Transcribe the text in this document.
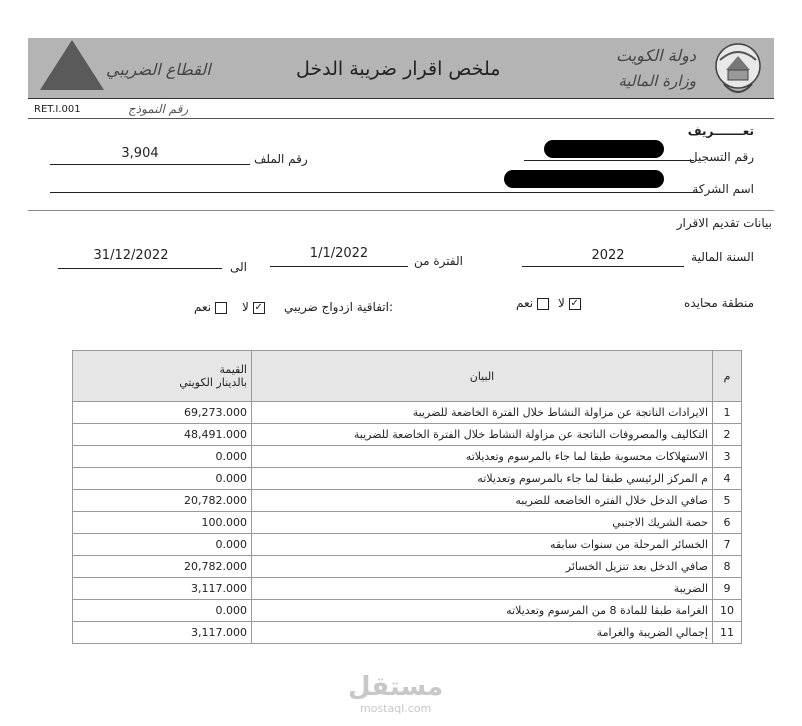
القطاع الضريبي	ملخص اقرار ضريبة الدخل
دولة الكويت
وزارة المالية
RET.I.001	رقم النموذج
تعـــــــريف
رقم التسجيل
رقم الملف
3,904
اسم الشركة
بيانات تقديم الاقرار
السنة المالية
2022
الفترة من
1/1/2022
الى
31/12/2022
منطقة محايده
لا ✓
نعم
اتفاقية ازدواج ضريبي:
لا ✓
نعم
القيمة
بالدينار الكويتي	البيان	م
69,273.000	الايرادات الناتجة عن مزاولة النشاط خلال الفترة الخاضعة للضريبة	1
48,491.000	التكاليف والمصروفات الناتجة عن مزاولة النشاط خلال الفترة الخاضعة للضريبة	2
0.000	الاستهلاكات محسوبة طبقا لما جاء بالمرسوم وتعديلاته	3
0.000	م المركز الرئيسي طبقا لما جاء بالمرسوم وتعديلاته	4
20,782.000	صافي الدخل خلال الفتره الخاضعه للضريبه	5
100.000	حصة الشريك الاجنبي	6
0.000	الخسائر المرحلة من سنوات سابقه	7
20,782.000	صافي الدخل بعد تنزيل الخسائر	8
3,117.000	الضريبة	9
0.000	الغرامة طبقا للمادة 8 من المرسوم وتعديلاته	10
3,117.000	إجمالي الضريبة والغرامة	11
مستقل
mostaql.com
